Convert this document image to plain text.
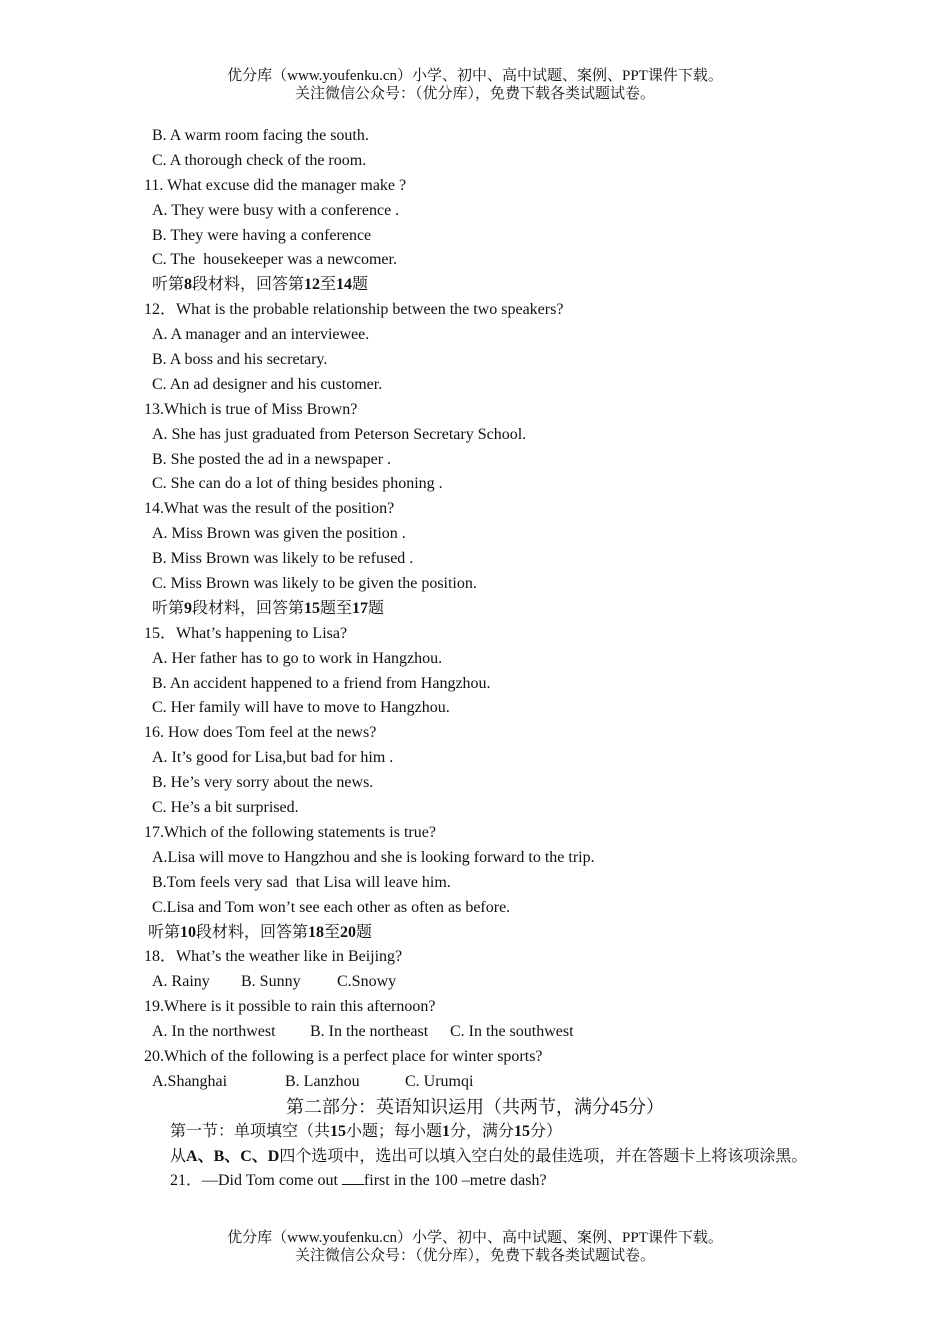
优分库（www.youfenku.cn）小学、初中、高中试题、案例、PPT课件下载。
关注微信公众号：（优分库），免费下载各类试题试卷。
B. A warm room facing the south.
C. A thorough check of the room.
11. What excuse did the manager make ?
A. They were busy with a conference .
B. They were having a conference
C. The  housekeeper was a newcomer.
听第8段材料，回答第12至14题
12．What is the probable relationship between the two speakers?
A. A manager and an interviewee.
B. A boss and his secretary.
C. An ad designer and his customer.
13.Which is true of Miss Brown?
A. She has just graduated from Peterson Secretary School.
B. She posted the ad in a newspaper .
C. She can do a lot of thing besides phoning .
14.What was the result of the position?
A. Miss Brown was given the position .
B. Miss Brown was likely to be refused .
C. Miss Brown was likely to be given the position.
听第9段材料，回答第15题至17题
15．What’s happening to Lisa?
A. Her father has to go to work in Hangzhou.
B. An accident happened to a friend from Hangzhou.
C. Her family will have to move to Hangzhou.
16. How does Tom feel at the news?
A. It’s good for Lisa,but bad for him .
B. He’s very sorry about the news.
C. He’s a bit surprised.
17.Which of the following statements is true?
A.Lisa will move to Hangzhou and she is looking forward to the trip.
B.Tom feels very sad  that Lisa will leave him.
C.Lisa and Tom won’t see each other as often as before.
听第10段材料，回答第18至20题
18．What’s the weather like in Beijing?
A. Rainy B. Sunny C.Snowy
19.Where is it possible to rain this afternoon?
A. In the northwest B. In the northeast C. In the southwest
20.Which of the following is a perfect place for winter sports?
A.Shanghai	B. Lanzhou	C. Urumqi
第二部分：英语知识运用（共两节，满分45分）
第一节：单项填空（共15小题；每小题1分，满分15分）
从A、B、C、D四个选项中，选出可以填入空白处的最佳选项，并在答题卡上将该项涂黑。
21．—Did Tom come out first in the 100 –metre dash?
优分库（www.youfenku.cn）小学、初中、高中试题、案例、PPT课件下载。
关注微信公众号：（优分库），免费下载各类试题试卷。
